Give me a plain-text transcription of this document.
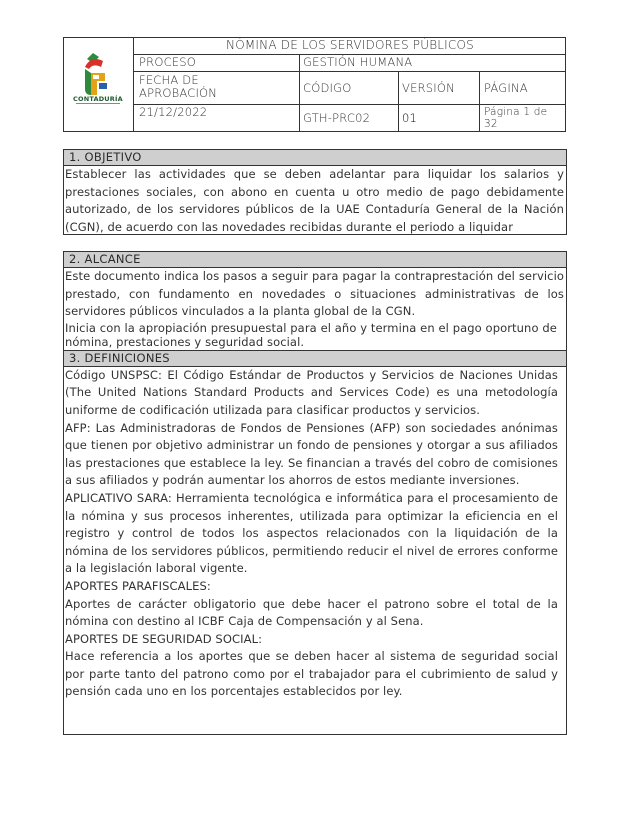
CONTADURÍA
NÓMINA DE LOS SERVIDORES PÚBLICOS
PROCESO	GESTIÓN HUMANA
FECHA DE APROBACIÓN	CÓDIGO	VERSIÓN	PÁGINA
21/12/2022	GTH-PRC02	01	Página 1 de 32
1. OBJETIVO
Establecer las actividades que se deben adelantar para liquidar los salarios y prestaciones sociales, con abono en cuenta u otro medio de pago debidamente autorizado, de los servidores públicos de la UAE Contaduría General de la Nación (CGN), de acuerdo con las novedades recibidas durante el periodo a liquidar
2. ALCANCE
Este documento indica los pasos a seguir para pagar la contraprestación del servicio prestado, con fundamento en novedades o situaciones administrativas de los servidores públicos vinculados a la planta global de la CGN.
Inicia con la apropiación presupuestal para el año y termina en el pago oportuno de nómina, prestaciones y seguridad social.
3. DEFINICIONES
Código UNSPSC: El Código Estándar de Productos y Servicios de Naciones Unidas (The United Nations Standard Products and Services Code) es una metodología uniforme de codificación utilizada para clasificar productos y servicios.
AFP: Las Administradoras de Fondos de Pensiones (AFP) son sociedades anónimas que tienen por objetivo administrar un fondo de pensiones y otorgar a sus afiliados las prestaciones que establece la ley. Se financian a través del cobro de comisiones a sus afiliados y podrán aumentar los ahorros de estos mediante inversiones.
APLICATIVO SARA: Herramienta tecnológica e informática para el procesamiento de la nómina y sus procesos inherentes, utilizada para optimizar la eficiencia en el registro y control de todos los aspectos relacionados con la liquidación de la nómina de los servidores públicos, permitiendo reducir el nivel de errores conforme a la legislación laboral vigente.
APORTES PARAFISCALES:
Aportes de carácter obligatorio que debe hacer el patrono sobre el total de la nómina con destino al ICBF Caja de Compensación y al Sena.
APORTES DE SEGURIDAD SOCIAL:
Hace referencia a los aportes que se deben hacer al sistema de seguridad social por parte tanto del patrono como por el trabajador para el cubrimiento de salud y pensión cada uno en los porcentajes establecidos por ley.
